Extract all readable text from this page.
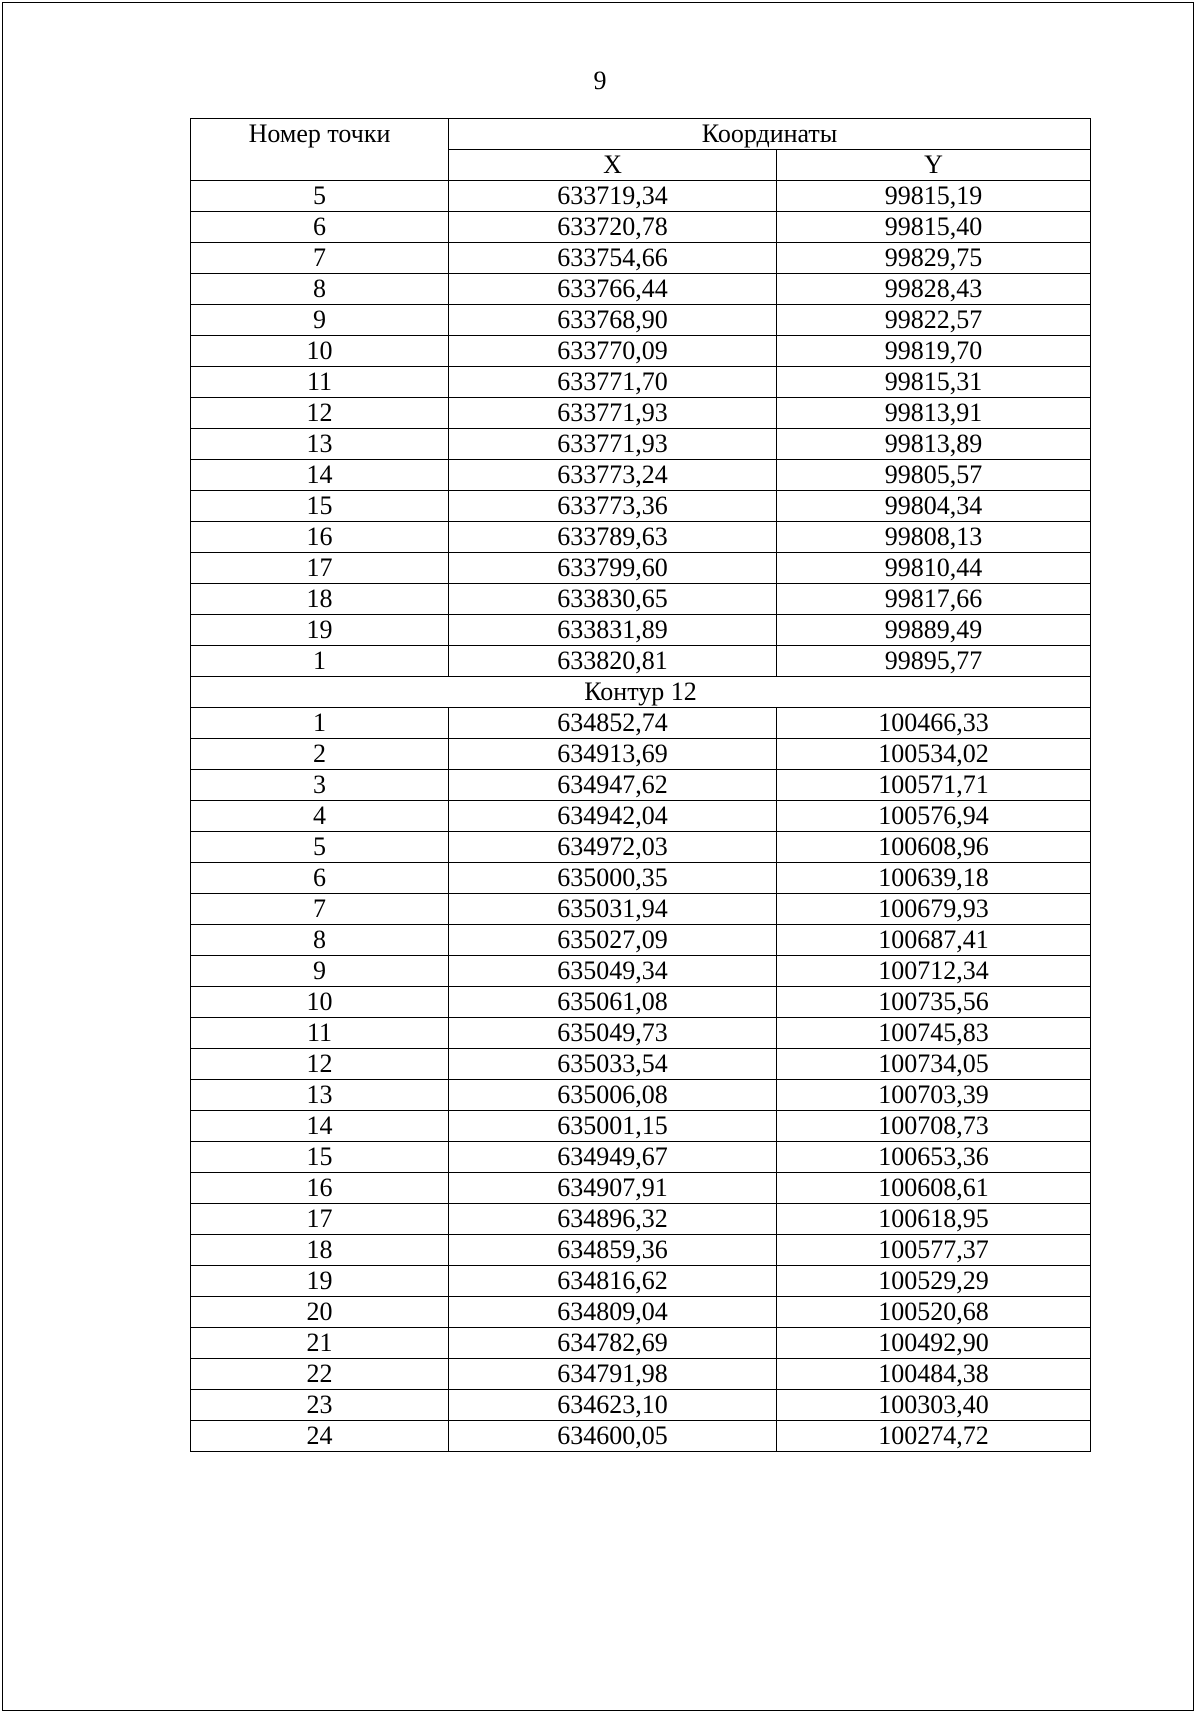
9
Номер точки	Координаты	
	X	Y
5	633719,34	99815,19
6	633720,78	99815,40
7	633754,66	99829,75
8	633766,44	99828,43
9	633768,90	99822,57
10	633770,09	99819,70
11	633771,70	99815,31
12	633771,93	99813,91
13	633771,93	99813,89
14	633773,24	99805,57
15	633773,36	99804,34
16	633789,63	99808,13
17	633799,60	99810,44
18	633830,65	99817,66
19	633831,89	99889,49
1	633820,81	99895,77
Контур 12		
1	634852,74	100466,33
2	634913,69	100534,02
3	634947,62	100571,71
4	634942,04	100576,94
5	634972,03	100608,96
6	635000,35	100639,18
7	635031,94	100679,93
8	635027,09	100687,41
9	635049,34	100712,34
10	635061,08	100735,56
11	635049,73	100745,83
12	635033,54	100734,05
13	635006,08	100703,39
14	635001,15	100708,73
15	634949,67	100653,36
16	634907,91	100608,61
17	634896,32	100618,95
18	634859,36	100577,37
19	634816,62	100529,29
20	634809,04	100520,68
21	634782,69	100492,90
22	634791,98	100484,38
23	634623,10	100303,40
24	634600,05	100274,72
